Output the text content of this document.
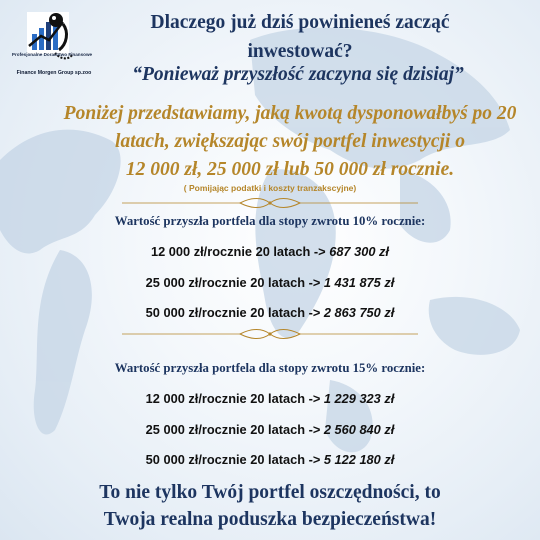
Profesjonalne Doradztwo Finansowe
Finance Morgen Group sp.zoo
Dlaczego już dziś powinieneś zacząć
inwestować?
“Ponieważ przyszłość zaczyna się dzisiaj”
Poniżej przedstawiamy, jaką kwotą dysponowałbyś po 20
latach, zwiększając swój portfel inwestycji o
12 000 zł, 25 000 zł lub 50 000 zł rocznie.
( Pomijając podatki i koszty tranzakscyjne)
Wartość przyszła portfela dla stopy zwrotu 10% rocznie:
12 000 zł/rocznie 20 latach -> 687 300 zł
25 000 zł/rocznie 20 latach -> 1 431 875 zł
50 000 zł/rocznie 20 latach -> 2 863 750 zł
Wartość przyszła portfela dla stopy zwrotu 15% rocznie:
12 000 zł/rocznie 20 latach -> 1 229 323 zł
25 000 zł/rocznie 20 latach -> 2 560 840 zł
50 000 zł/rocznie 20 latach -> 5 122 180 zł
To nie tylko Twój portfel oszczędności, to
Twoja realna poduszka bezpieczeństwa!
